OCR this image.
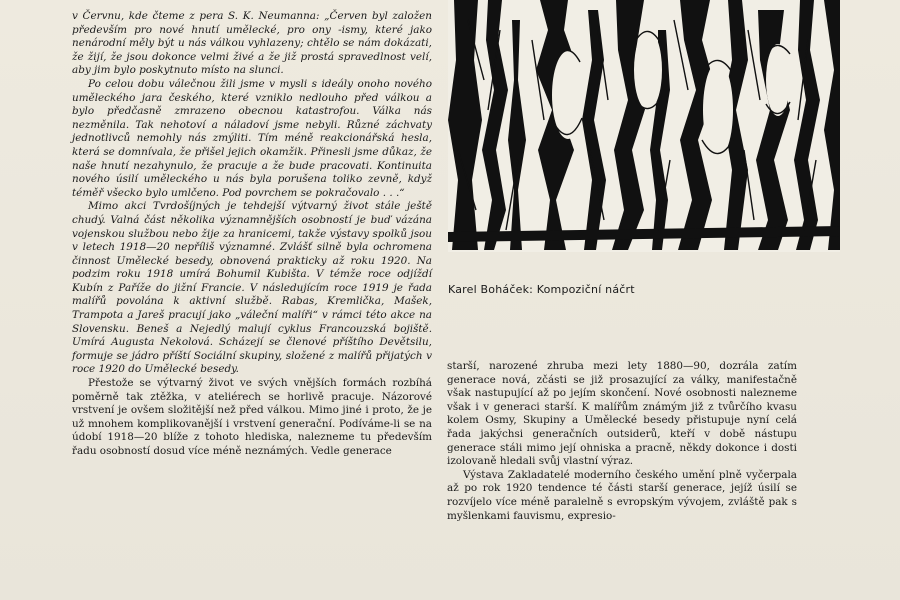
v Červnu, kde čteme z pera S. K. Neumanna: „Červen byl založen především pro nové hnutí umělecké, pro ony -ismy, které jako nenárodní měly být u nás válkou vyhlazeny; chtělo se nám dokázati, že žijí, že jsou dokonce velmi živé a že již prostá spravedlnost velí, aby jim bylo poskytnuto místo na slunci.

Po celou dobu válečnou žili jsme v mysli s ideály onoho nového uměleckého jara českého, které vzniklo nedlouho před válkou a bylo předčasně zmrazeno obecnou katastrofou. Válka nás nezměnila. Tak nehotoví a náladoví jsme nebyli. Různé záchvaty jednotlivců nemohly nás zmýliti. Tím méně reakcionářská hesla, která se domnívala, že přišel jejich okamžik. Přinesli jsme důkaz, že naše hnutí nezahynulo, že pracuje a že bude pracovati. Kontinuita nového úsilí uměleckého u nás byla porušena toliko zevně, když téměř všecko bylo umlčeno. Pod povrchem se pokračovalo . . .“

Mimo akci Tvrdošíjných je tehdejší výtvarný život stále ještě chudý. Valná část několika významnějších osobností je buď vázána vojenskou službou nebo žije za hranicemi, takže výstavy spolků jsou v letech 1918—20 nepříliš významné. Zvlášť silně byla ochromena činnost Umělecké besedy, obnovená prakticky až roku 1920. Na podzim roku 1918 umírá Bohumil Kubišta. V témže roce odjíždí Kubín z Paříže do jižní Francie. V následujícím roce 1919 je řada malířů povolána k aktivní službě. Rabas, Kremlička, Mašek, Trampota a Jareš pracují jako „váleční malíři“ v rámci této akce na Slovensku. Beneš a Nejedlý malují cyklus Francouzská bojiště. Umírá Augusta Nekolová. Scházejí se členové příštího Devětsilu, formuje se jádro příští Sociální skupiny, složené z malířů přijatých v roce 1920 do Umělecké besedy.

Přestože se výtvarný život ve svých vnějších formách rozbíhá poměrně tak ztěžka, v ateliérech se horlivě pracuje. Názorové vrstvení je ovšem složitější než před válkou. Mimo jiné i proto, že je už mnohem komplikovanější i vrstvení generační. Podíváme-li se na údobí 1918—20 blíže z tohoto hlediska, nalezneme tu především řadu osobností dosud více méně neznámých. Vedle generace

Karel Boháček: Kompoziční náčrt

starší, narozené zhruba mezi lety 1880—90, dozrála zatím generace nová, zčásti se již prosazující za války, manifestačně však nastupující až po jejím skončení. Nové osobnosti nalezneme však i v generaci starší. K malířům známým již z tvůrčího kvasu kolem Osmy, Skupiny a Umělecké besedy přistupuje nyní celá řada jakýchsi generačních outsiderů, kteří v době nástupu generace stáli mimo její ohniska a pracně, někdy dokonce i dosti izolovaně hledali svůj vlastní výraz.

Výstava Zakladatelé moderního českého umění plně vyčerpala až po rok 1920 tendence té části starší generace, jejíž úsilí se rozvíjelo více méně paralelně s evropským vývojem, zvláště pak s myšlenkami fauvismu, expresio-
